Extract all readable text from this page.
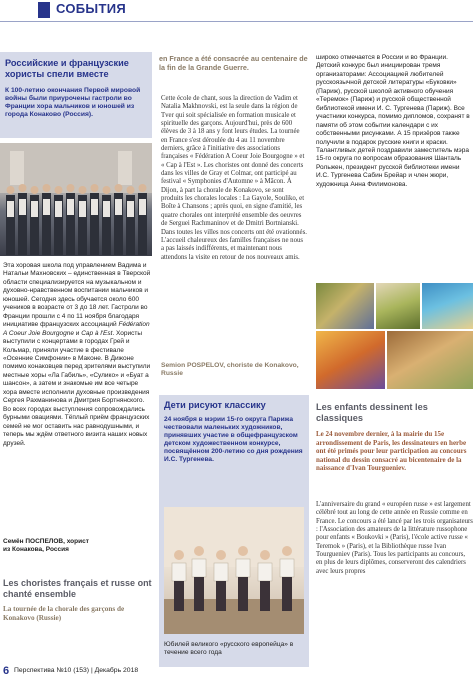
СОБЫТИЯ
Российские и французские хористы спели вместе

К 100-летию окончания Первой мировой войны были приурочены гастроли во Франции хора мальчиков и юношей из города Конаково (Россия).

Эта хоровая школа под управлением Вадима и Натальи Махновских – единственная в Тверской области специализируется на музыкальном и духовно-нравственном воспитании мальчиков и юношей. Сегодня здесь обучается около 600 учеников в возрасте от 3 до 18 лет. Гастроли во Франции прошли с 4 по 11 ноября благодаря инициативе французских ассоциаций Fédération A Coeur Joie Bourgogne и Cap à l'Est. Хористы выступили с концертами в городах Грей и Кольмар, приняли участие в фестивале «Осенние Симфонии» в Маконе. В Дижоне помимо конаковцев перед зрителями выступили местные хоры «Ла Габиль», «Сулико» и «Буат а шансон», а затем и знакомые им все четыре хора вместе исполнили духовные произведения Сергея Рахманинова и Дмитрия Бортнянского. Во всех городах выступления сопровождались бурными овациями. Тёплый приём французских семей не мог оставить нас равнодушными, и теперь мы ждём ответного визита наших новых друзей.
Семён ПОСПЕЛОВ, хорист
из Конакова, Россия
Les choristes français et russe ont chanté ensemble
La tournée de la chorale des garçons de Konakovo (Russie)
en France a été consacrée au centenaire de la fin de la Grande Guerre.
Cette école de chant, sous la direction de Vadim et Natalia Makhnovski, est la seule dans la région de Tver qui soit spécialisée en formation musicale et spirituelle des garçons. Aujourd'hui, près de 600 élèves de 3 à 18 ans y font leurs études. La tournée en France s'est déroulée du 4 au 11 novembre derniers, grâce à l'initiative des associations françaises « Fédération A Coeur Joie Bourgogne » et « Cap à l'Est ». Les choristes ont donné des concerts dans les villes de Gray et Colmar, ont participé au festival « Symphonies d'Automne » à Mâcon. À Dijon, à part la chorale de Konakovo, se sont produits les chorales locales : La Gayole, Souliko, et Boîte à Chansons ; après quoi, en signe d'amitié, les quatre chorales ont interprété ensemble des oeuvres de Serguei Rachmaninov et de Dmitri Bortnianski. Dans toutes les villes nos concerts ont été ovationnés. L'accueil chaleureux des familles françaises ne nous a pas laissés indifférents, et maintenant nous attendons la visite en retour de nos nouveaux amis.
Semion POSPELOV, choriste de Konakovo, Russie
Дети рисуют классику
24 ноября в мэрии 15-го округа Парижа чествовали маленьких художников, принявших участие в общефранцузском детском художественном конкурсе, посвящённом 200-летию со дня рождения И.С. Тургенева.
Юбилей великого «русского европейца» в течение всего года
широко отмечается в России и во Франции. Детский конкурс был инициирован тремя организаторами: Ассоциацией любителей русскоязычной детской литературы «Буковки» (Париж), русской школой активного обучения «Теремок» (Париж) и русской общественной библиотекой имени И. С. Тургенева (Париж). Все участники конкурса, помимо дипломов, сохранят в памяти об этом событии календари с их собственными рисунками. А 15 призёров также получили в подарок русские книги и краски. Талантливых детей поздравили заместитель мэра 15-го округа по вопросам образования Шанталь Рольжен, президент русской библиотеки имени И.С. Тургенева Сабин Брейар и член жюри, художница Анна Филимонова.
Les enfants dessinent les classiques
Le 24 novembre dernier, à la mairie du 15e arrondissement de Paris, les dessinateurs en herbe ont été primés pour leur participation au concours national du dessin consacré au bicentenaire de la naissance d'Ivan Tourgueniev.
L'anniversaire du grand « européen russe » est largement célébré tout au long de cette année en Russie comme en France. Le concours a été lancé par les trois organisateurs : l'Association des amateurs de la littérature russophone pour enfants « Boukovki » (Paris), l'école active russe « Teremok » (Paris), et la Bibliothèque russe Ivan Tourgueniev (Paris). Tous les participants au concours, en plus de leurs diplômes, conserveront des calendriers avec leurs propres
6 Перспектива №10 (153) | Декабрь 2018
